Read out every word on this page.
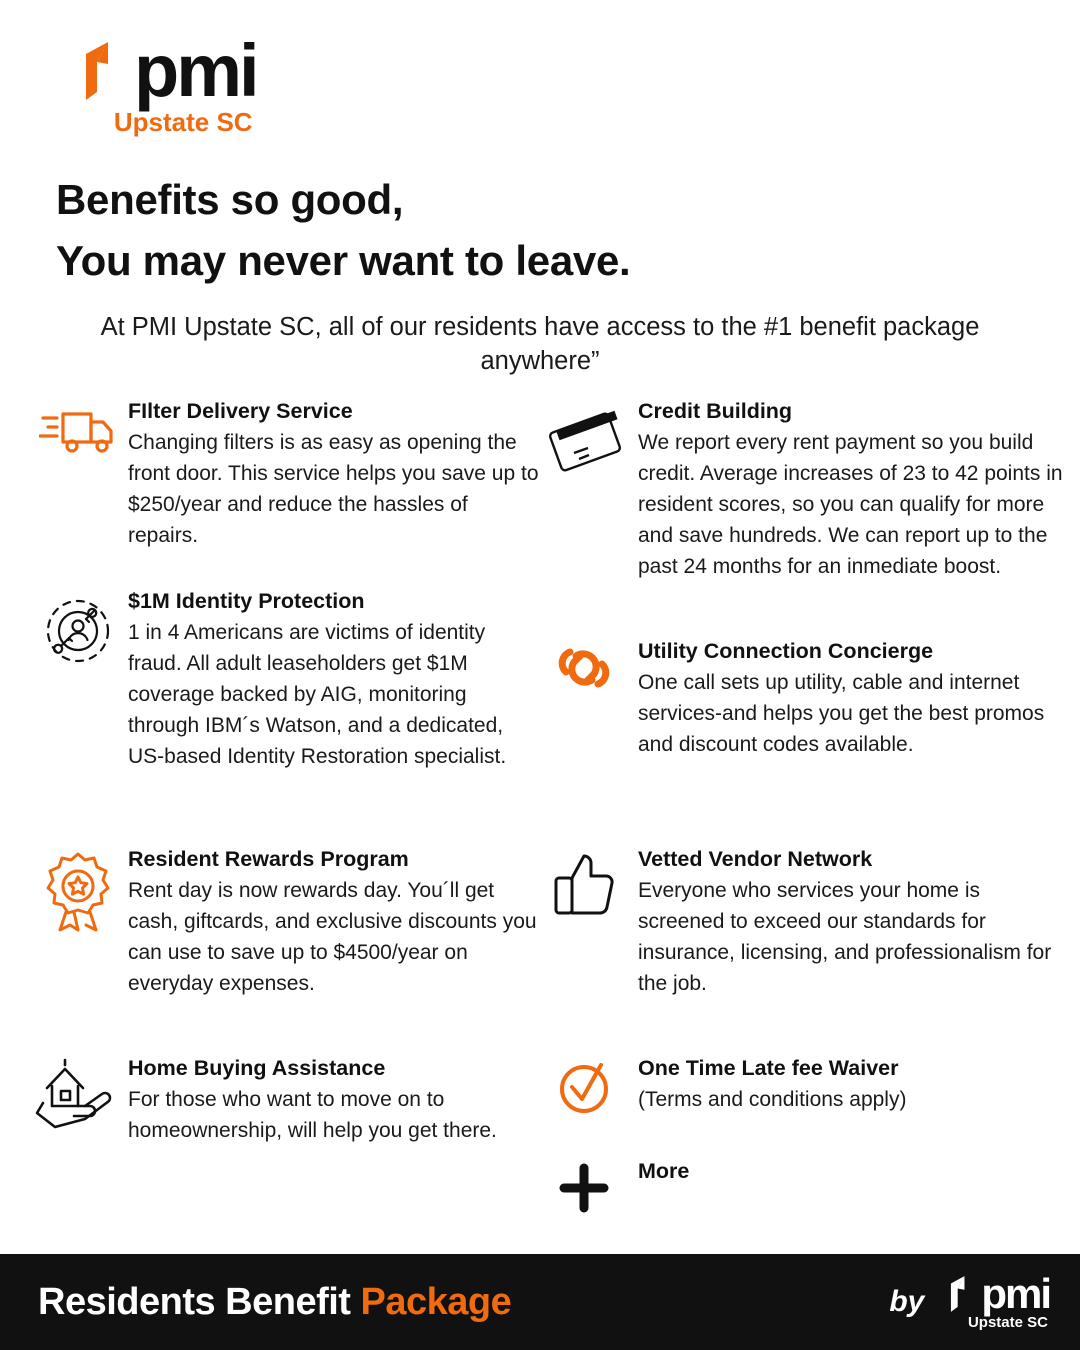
pmi
Upstate SC
Benefits so good,
You may never want to leave.
At PMI Upstate SC, all of our residents have access to the #1 benefit package anywhere”
FIlter Delivery Service
Changing filters is as easy as opening the front door. This service helps you save up to $250/year and reduce the hassles of repairs.
$1M Identity Protection
1 in 4 Americans are victims of identity fraud. All adult leaseholders get $1M coverage backed by AIG, monitoring through IBM´s Watson, and a dedicated, US-based Identity Restoration specialist.
Resident Rewards Program
Rent day is now rewards day. You´ll get cash, giftcards, and exclusive discounts you can use to save up to $4500/year on everyday expenses.
Home Buying Assistance
For those who want to move on to homeownership, will help you get there.
Credit Building
We report every rent payment so you build credit. Average increases of 23 to 42 points in resident scores, so you can qualify for more and save hundreds. We can report up to the past 24 months for an inmediate boost.
Utility Connection Concierge
One call sets up utility, cable and internet services-and helps you get the best promos and discount codes available.
Vetted Vendor Network
Everyone who services your home is screened to exceed our standards for insurance, licensing, and professionalism for the job.
One Time Late fee Waiver
(Terms and conditions apply)
More
Residents Benefit Package	by pmi
Upstate SC
